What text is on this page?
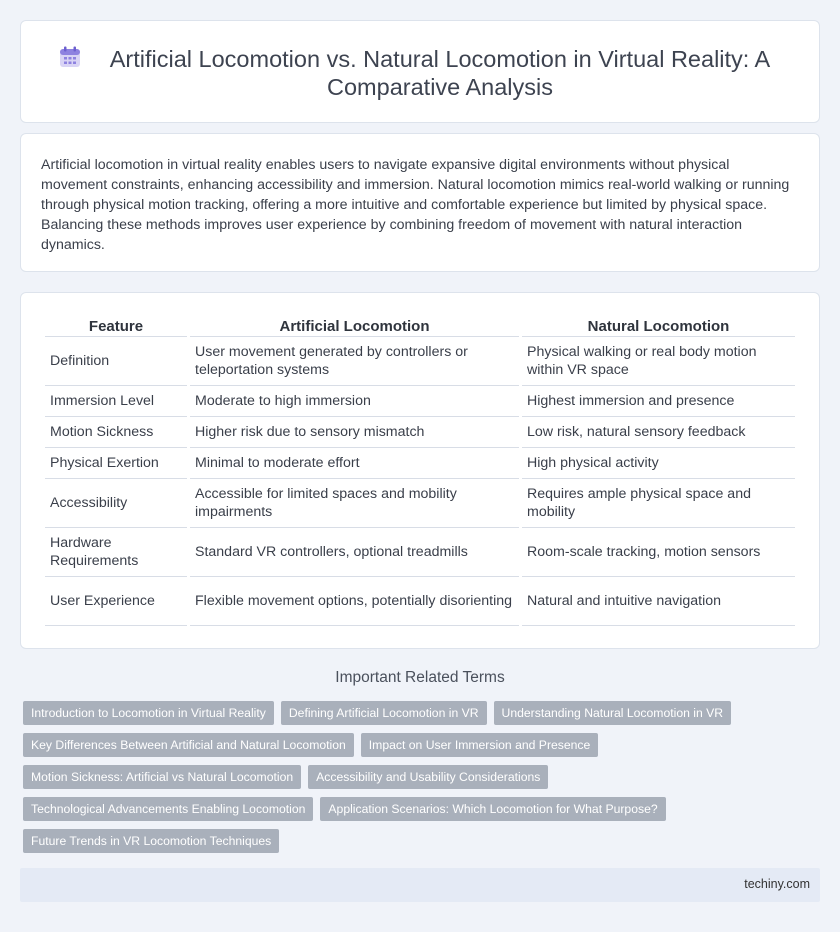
Artificial Locomotion vs. Natural Locomotion in Virtual Reality: A Comparative Analysis

Artificial locomotion in virtual reality enables users to navigate expansive digital environments without physical movement constraints, enhancing accessibility and immersion. Natural locomotion mimics real-world walking or running through physical motion tracking, offering a more intuitive and comfortable experience but limited by physical space. Balancing these methods improves user experience by combining freedom of movement with natural interaction dynamics.

Feature	Artificial Locomotion	Natural Locomotion
Definition	User movement generated by controllers or teleportation systems	Physical walking or real body motion within VR space
Immersion Level	Moderate to high immersion	Highest immersion and presence
Motion Sickness	Higher risk due to sensory mismatch	Low risk, natural sensory feedback
Physical Exertion	Minimal to moderate effort	High physical activity
Accessibility	Accessible for limited spaces and mobility impairments	Requires ample physical space and mobility
Hardware Requirements	Standard VR controllers, optional treadmills	Room-scale tracking, motion sensors
User Experience	Flexible movement options, potentially disorienting	Natural and intuitive navigation
Important Related Terms
Introduction to Locomotion in Virtual Reality	Defining Artificial Locomotion in VR	Understanding Natural Locomotion in VR
Key Differences Between Artificial and Natural Locomotion	Impact on User Immersion and Presence
Motion Sickness: Artificial vs Natural Locomotion	Accessibility and Usability Considerations
Technological Advancements Enabling Locomotion	Application Scenarios: Which Locomotion for What Purpose?
Future Trends in VR Locomotion Techniques
techiny.com
